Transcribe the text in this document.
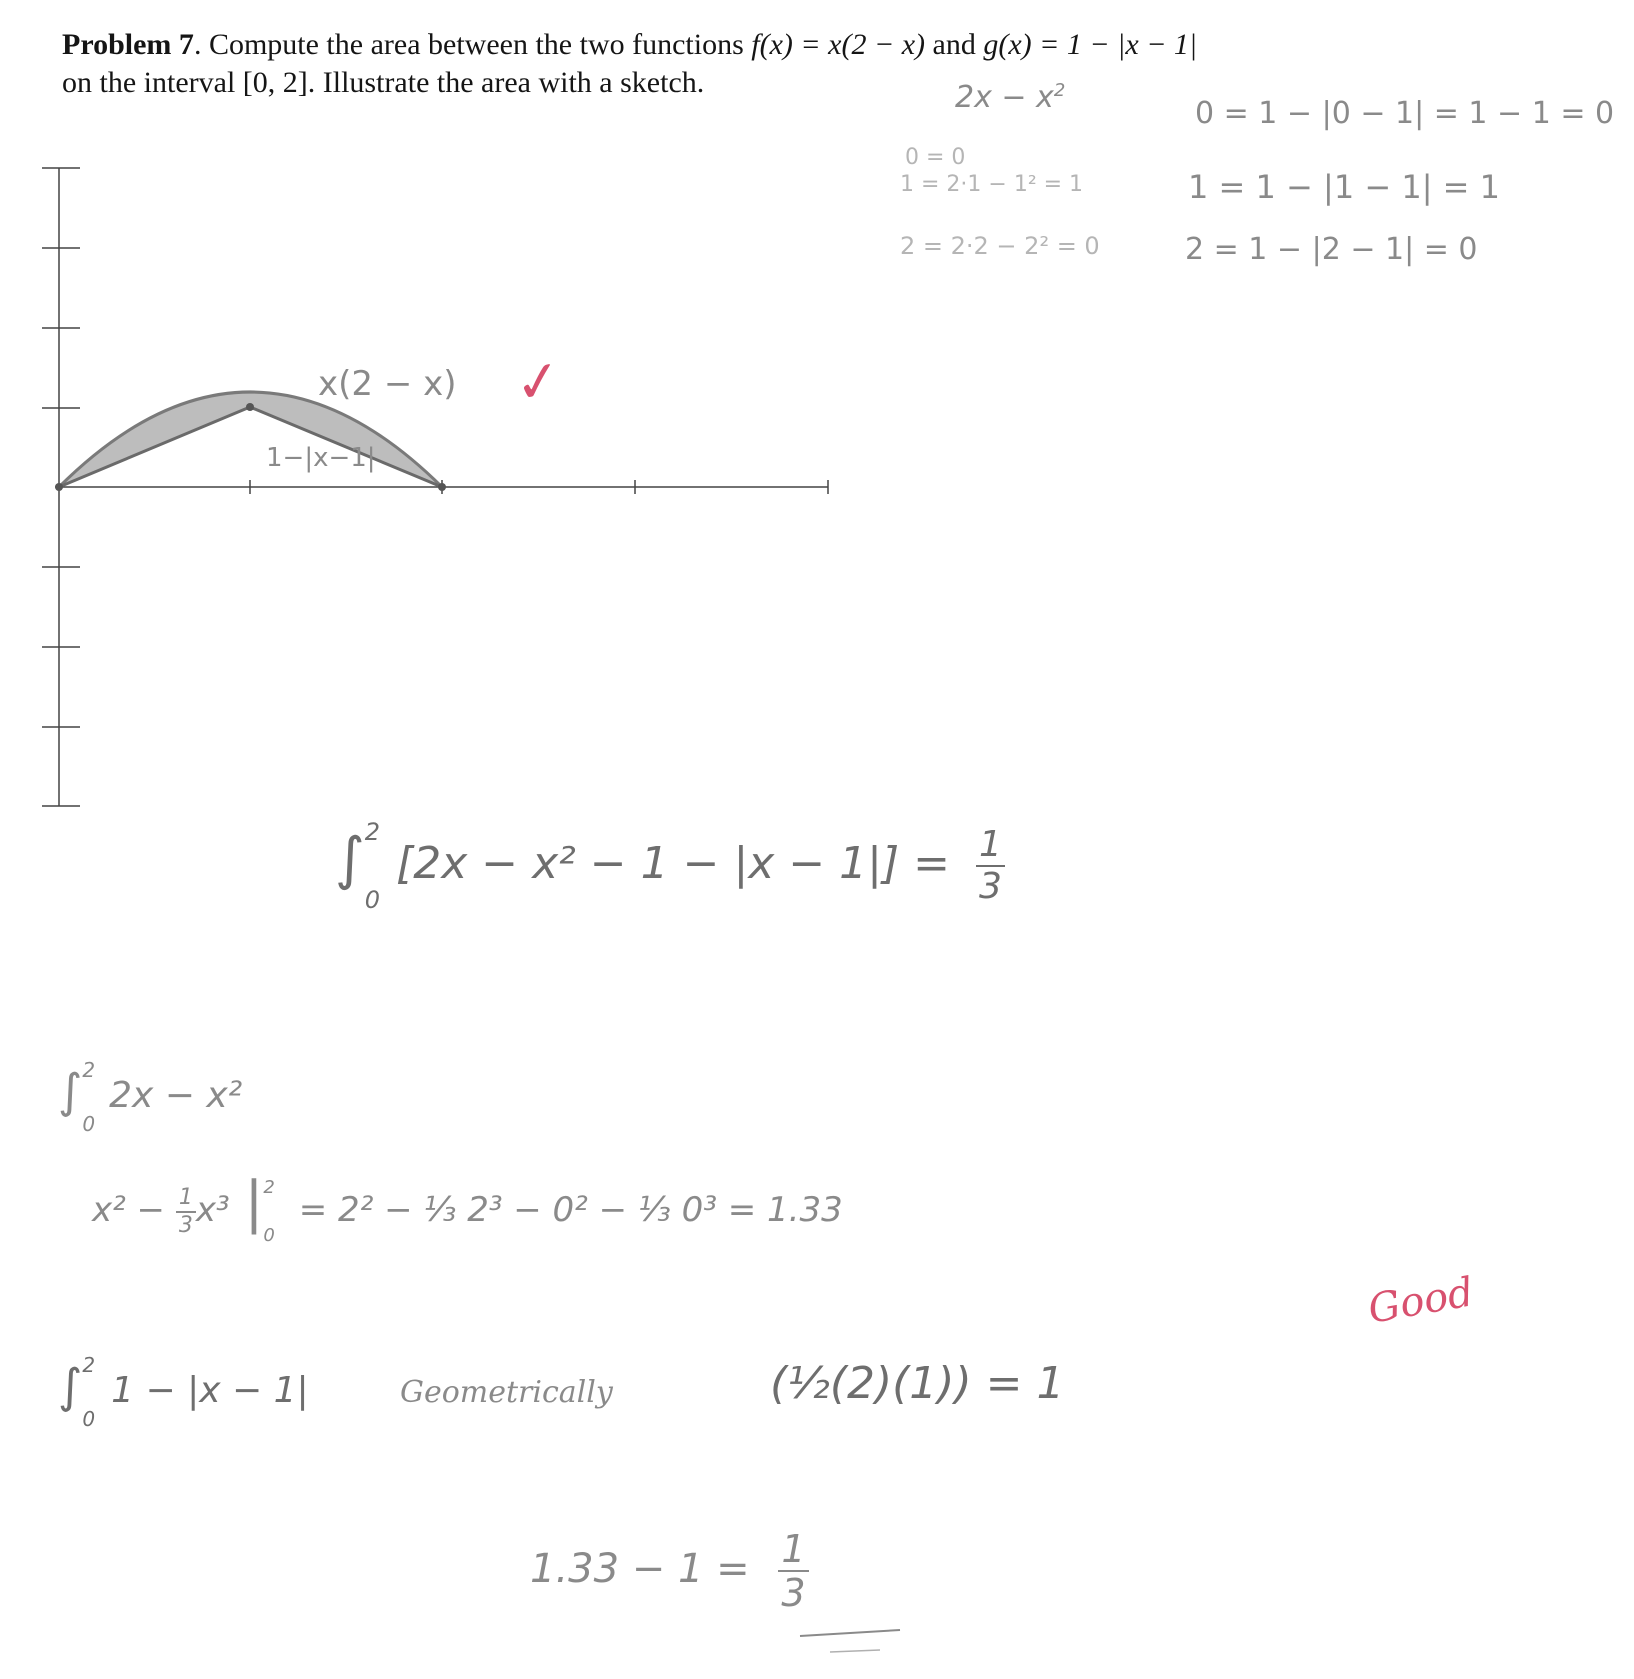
Problem 7. Compute the area between the two functions f(x) = x(2 − x) and g(x) = 1 − |x − 1|
on the interval [0, 2]. Illustrate the area with a sketch.	$2x - x^2$
0 = 0
1 = 2·1 − 1² = 1
2 = 2·2 − 2² = 0
0 = 1 − |0 − 1| = 1 − 1 = 0
1 = 1 − |1 − 1| = 1
2 = 1 − |2 − 1| = 0
x(2 − x)
1−|x−1|
✓
∫ 2
0
$[2x - x^2 - 1 - |x - 1|] = \frac{1}{3}$
∫ 2
0
2x − x²
$x^2 - \frac{1}{3} x^3$ | 2
0
= 2² − ⅓ 2³ − 0² − ⅓ 0³ = 1.33
∫ 2
0
1 − |x − 1|	Geometrically	(½(2)(1)) = 1
$1.33 - 1 = \frac{1}{3}$
Good
